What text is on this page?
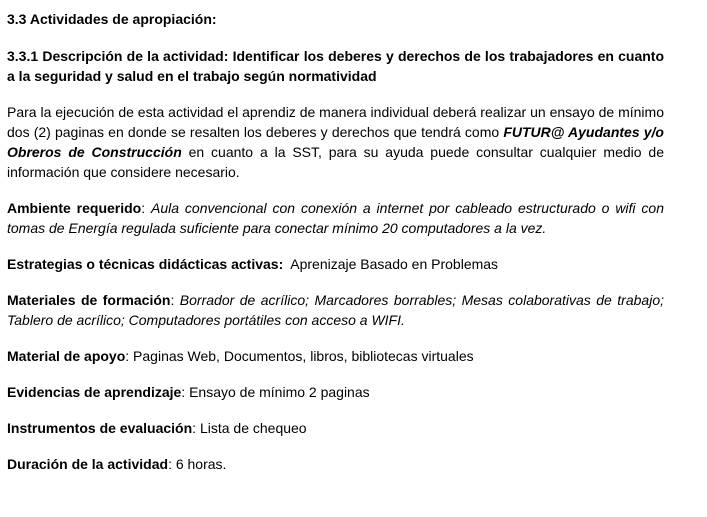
3.3 Actividades de apropiación:

3.3.1 Descripción de la actividad: Identificar los deberes y derechos de los trabajadores en cuanto a la seguridad y salud en el trabajo según normatividad

Para la ejecución de esta actividad el aprendiz de manera individual deberá realizar un ensayo de mínimo dos (2) paginas en donde se resalten los deberes y derechos que tendrá como FUTUR@ Ayudantes y/o Obreros de Construcción en cuanto a la SST, para su ayuda puede consultar cualquier medio de información que considere necesario.

Ambiente requerido: Aula convencional con conexión a internet por cableado estructurado o wifi con tomas de Energía regulada suficiente para conectar mínimo 20 computadores a la vez.

Estrategias o técnicas didácticas activas:  Aprenizaje Basado en Problemas

Materiales de formación: Borrador de acrílico; Marcadores borrables; Mesas colaborativas de trabajo; Tablero de acrílico; Computadores portátiles con acceso a WIFI.

Material de apoyo: Paginas Web, Documentos, libros, bibliotecas virtuales

Evidencias de aprendizaje: Ensayo de mínimo 2 paginas

Instrumentos de evaluación: Lista de chequeo

Duración de la actividad: 6 horas.
